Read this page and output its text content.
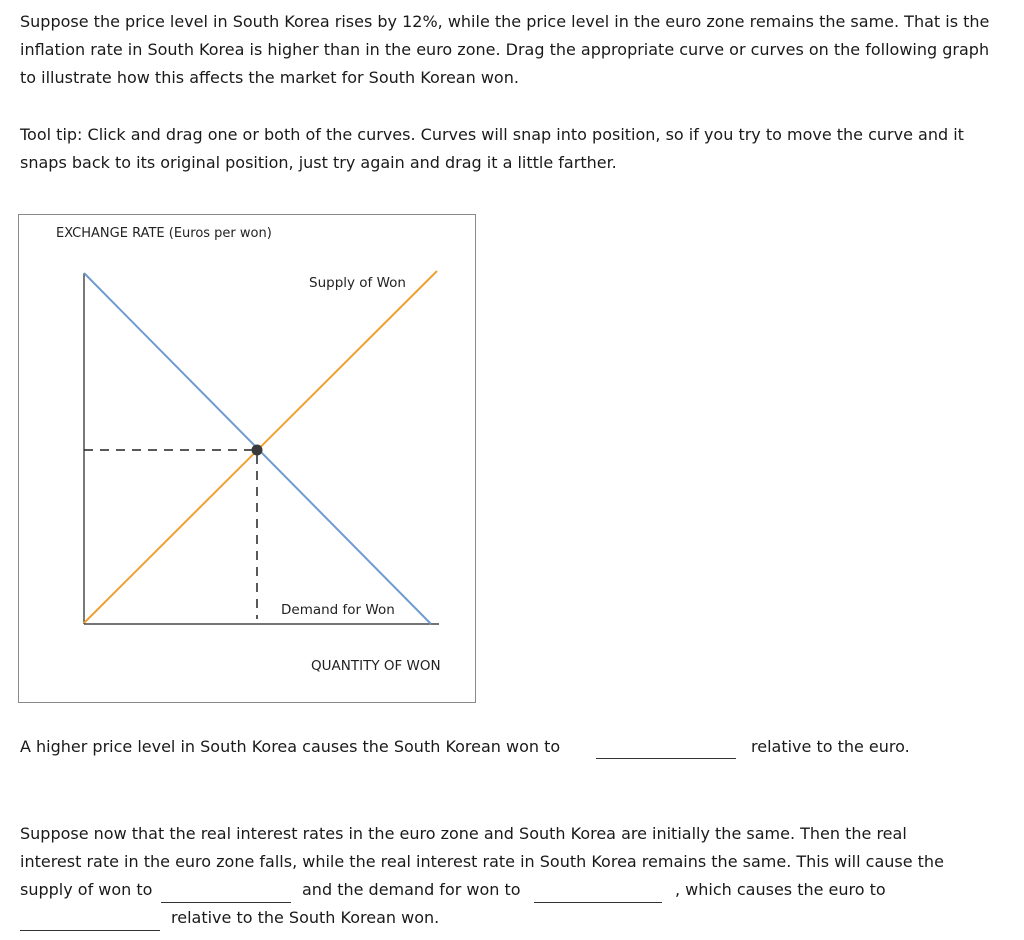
Suppose the price level in South Korea rises by 12%, while the price level in the euro zone remains the same. That is the inflation rate in South Korea is higher than in the euro zone. Drag the appropriate curve or curves on the following graph to illustrate how this affects the market for South Korean won.
Tool tip: Click and drag one or both of the curves. Curves will snap into position, so if you try to move the curve and it snaps back to its original position, just try again and drag it a little farther.
EXCHANGE RATE (Euros per won)
Supply of Won
Demand for Won
QUANTITY OF WON
A higher price level in South Korea causes the South Korean won to	relative to the euro.
Suppose now that the real interest rates in the euro zone and South Korea are initially the same. Then the real
interest rate in the euro zone falls, while the real interest rate in South Korea remains the same. This will cause the
supply of won to	and the demand for won to	, which causes the euro to
relative to the South Korean won.
